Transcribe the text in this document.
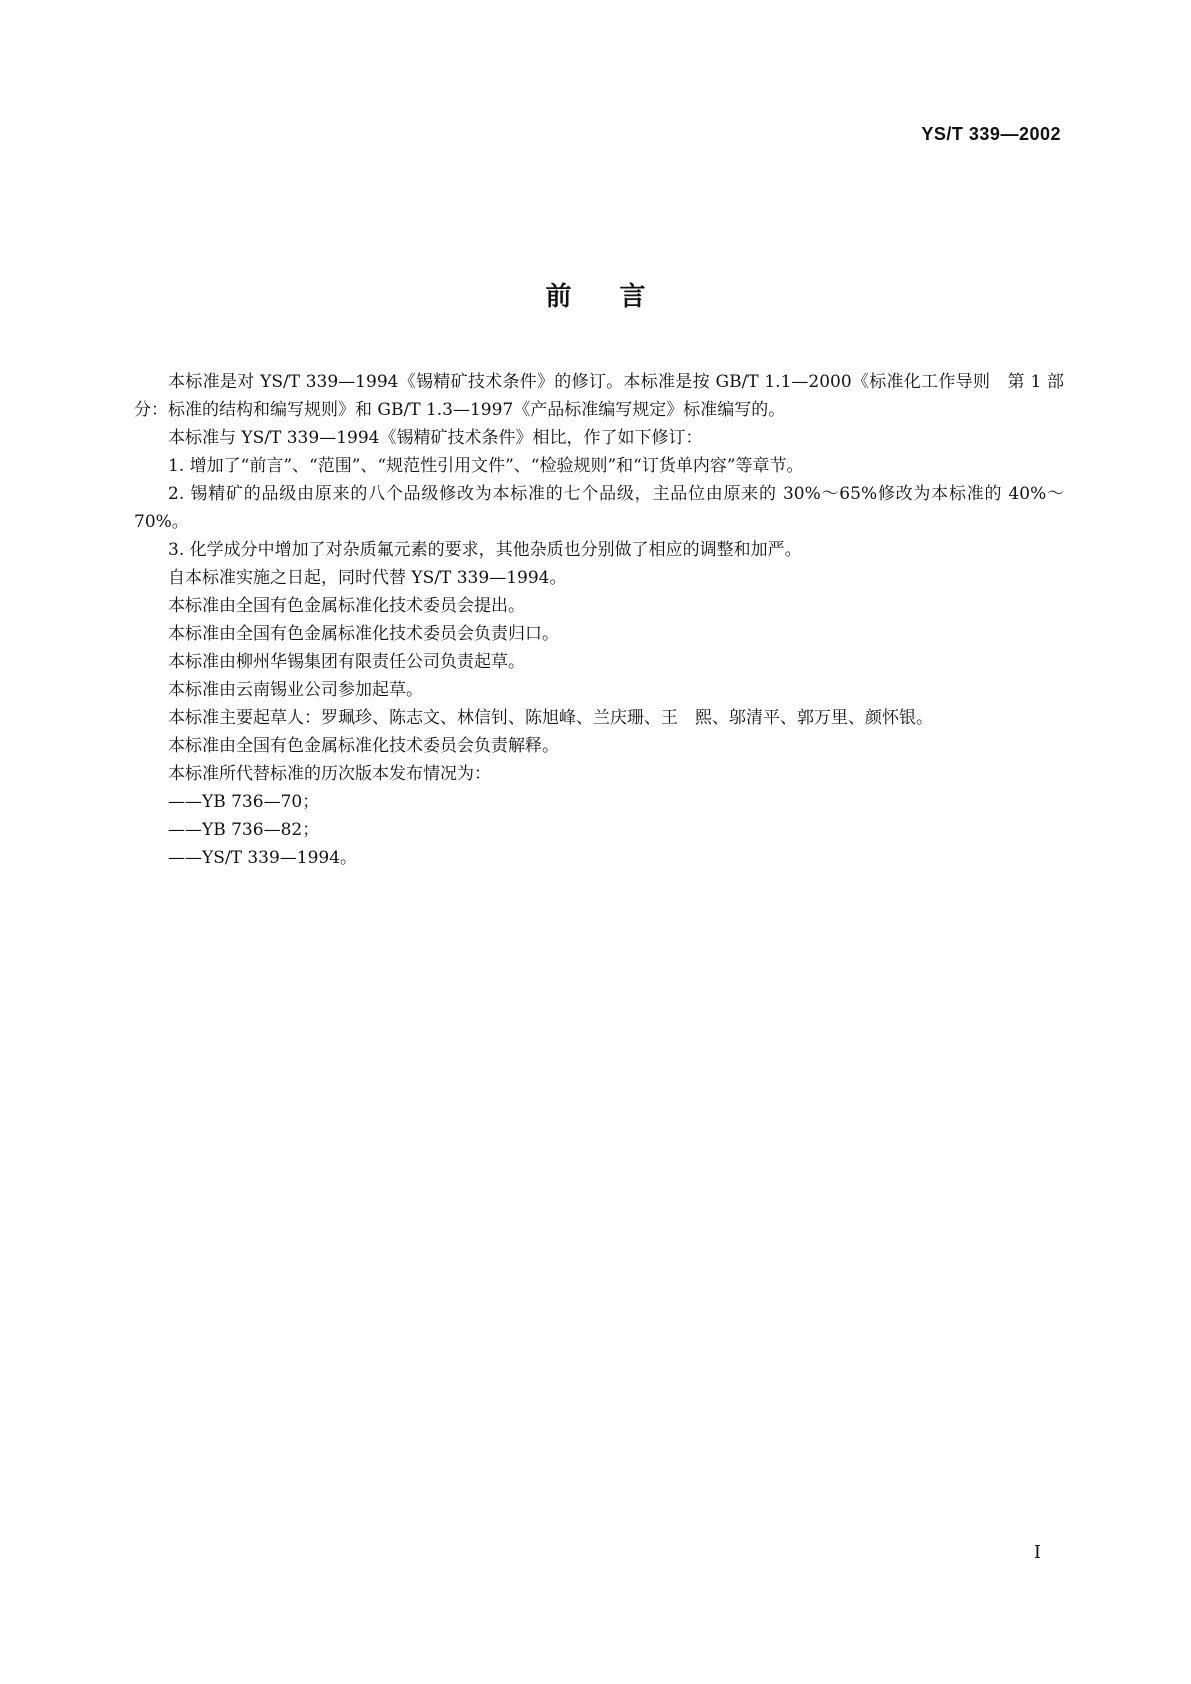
YS/T 339—2002
前言

本标准是对 YS/T 339—1994《锡精矿技术条件》的修订。本标准是按 GB/T 1.1—2000《标准化工作导则　第 1 部分：标准的结构和编写规则》和 GB/T 1.3—1997《产品标准编写规定》标准编写的。

本标准与 YS/T 339—1994《锡精矿技术条件》相比，作了如下修订：

1. 增加了“前言”、“范围”、“规范性引用文件”、“检验规则”和“订货单内容”等章节。

2. 锡精矿的品级由原来的八个品级修改为本标准的七个品级，主品位由原来的 30%～65%修改为本标准的 40%～70%。

3. 化学成分中增加了对杂质氟元素的要求，其他杂质也分别做了相应的调整和加严。

自本标准实施之日起，同时代替 YS/T 339—1994。

本标准由全国有色金属标准化技术委员会提出。

本标准由全国有色金属标准化技术委员会负责归口。

本标准由柳州华锡集团有限责任公司负责起草。

本标准由云南锡业公司参加起草。

本标准主要起草人：罗珮珍、陈志文、林信钊、陈旭峰、兰庆珊、王　熙、邬清平、郭万里、颜怀银。

本标准由全国有色金属标准化技术委员会负责解释。

本标准所代替标准的历次版本发布情况为：

——YB 736—70；

——YB 736—82；

——YS/T 339—1994。

I
